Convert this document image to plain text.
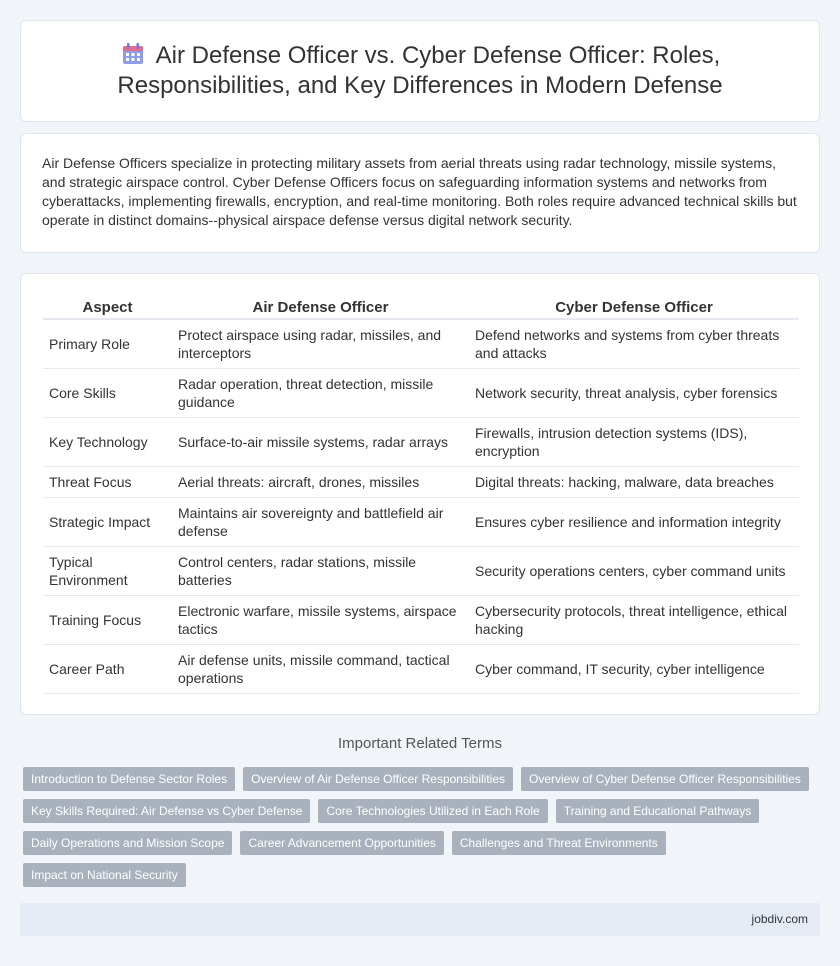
Air Defense Officer vs. Cyber Defense Officer: Roles, Responsibilities, and Key Differences in Modern Defense

Air Defense Officers specialize in protecting military assets from aerial threats using radar technology, missile systems, and strategic airspace control. Cyber Defense Officers focus on safeguarding information systems and networks from cyberattacks, implementing firewalls, encryption, and real-time monitoring. Both roles require advanced technical skills but operate in distinct domains--physical airspace defense versus digital network security.

Aspect	Air Defense Officer	Cyber Defense Officer
Primary Role	Protect airspace using radar, missiles, and interceptors	Defend networks and systems from cyber threats and attacks
Core Skills	Radar operation, threat detection, missile guidance	Network security, threat analysis, cyber forensics
Key Technology	Surface-to-air missile systems, radar arrays	Firewalls, intrusion detection systems (IDS), encryption
Threat Focus	Aerial threats: aircraft, drones, missiles	Digital threats: hacking, malware, data breaches
Strategic Impact	Maintains air sovereignty and battlefield air defense	Ensures cyber resilience and information integrity
Typical Environment	Control centers, radar stations, missile batteries	Security operations centers, cyber command units
Training Focus	Electronic warfare, missile systems, airspace tactics	Cybersecurity protocols, threat intelligence, ethical hacking
Career Path	Air defense units, missile command, tactical operations	Cyber command, IT security, cyber intelligence
Important Related Terms
Introduction to Defense Sector Roles	Overview of Air Defense Officer Responsibilities	Overview of Cyber Defense Officer Responsibilities
Key Skills Required: Air Defense vs Cyber Defense	Core Technologies Utilized in Each Role	Training and Educational Pathways
Daily Operations and Mission Scope	Career Advancement Opportunities	Challenges and Threat Environments
Impact on National Security
jobdiv.com
